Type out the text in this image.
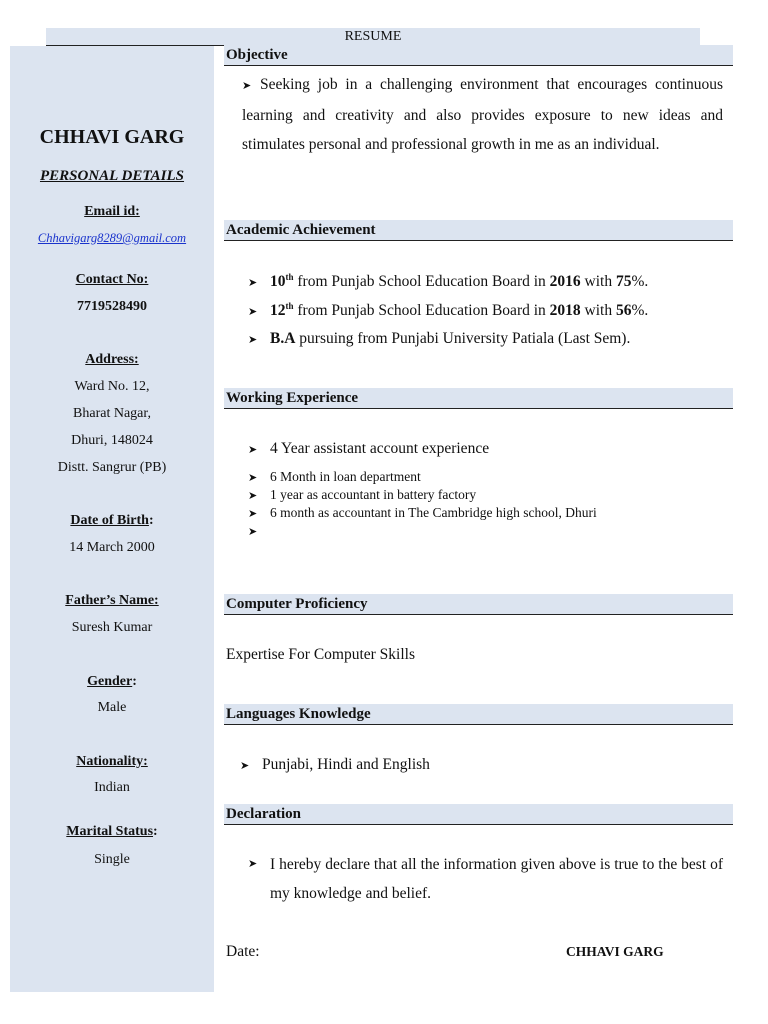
RESUME
CHHAVI GARG
PERSONAL DETAILS
Email id:
Chhavigarg8289@gmail.com
Contact No:
7719528490
Address:
Ward No. 12,
Bharat Nagar,
Dhuri, 148024
Distt. Sangrur (PB)
Date of Birth:
14 March 2000
Father’s Name:
Suresh Kumar
Gender:
Male
Nationality:
Indian
Marital Status:
Single
Objective
➤ Seeking job in a challenging environment that encourages continuous learning and creativity and also provides exposure to new ideas and stimulates personal and professional growth in me as an individual.
Academic Achievement
➤ 10th from Punjab School Education Board in 2016 with 75%.
➤ 12th from Punjab School Education Board in 2018 with 56%.
➤ B.A pursuing from Punjabi University Patiala (Last Sem).
Working Experience
➤ 4 Year assistant account experience
➤ 6 Month in loan department
➤ 1 year as accountant in battery factory
➤ 6 month as accountant in The Cambridge high school, Dhuri
➤
Computer Proficiency
Expertise For Computer Skills
Languages Knowledge
➤ Punjabi, Hindi and English
Declaration
➤ I hereby declare that all the information given above is true to the best of my knowledge and belief.
Date:	CHHAVI GARG
